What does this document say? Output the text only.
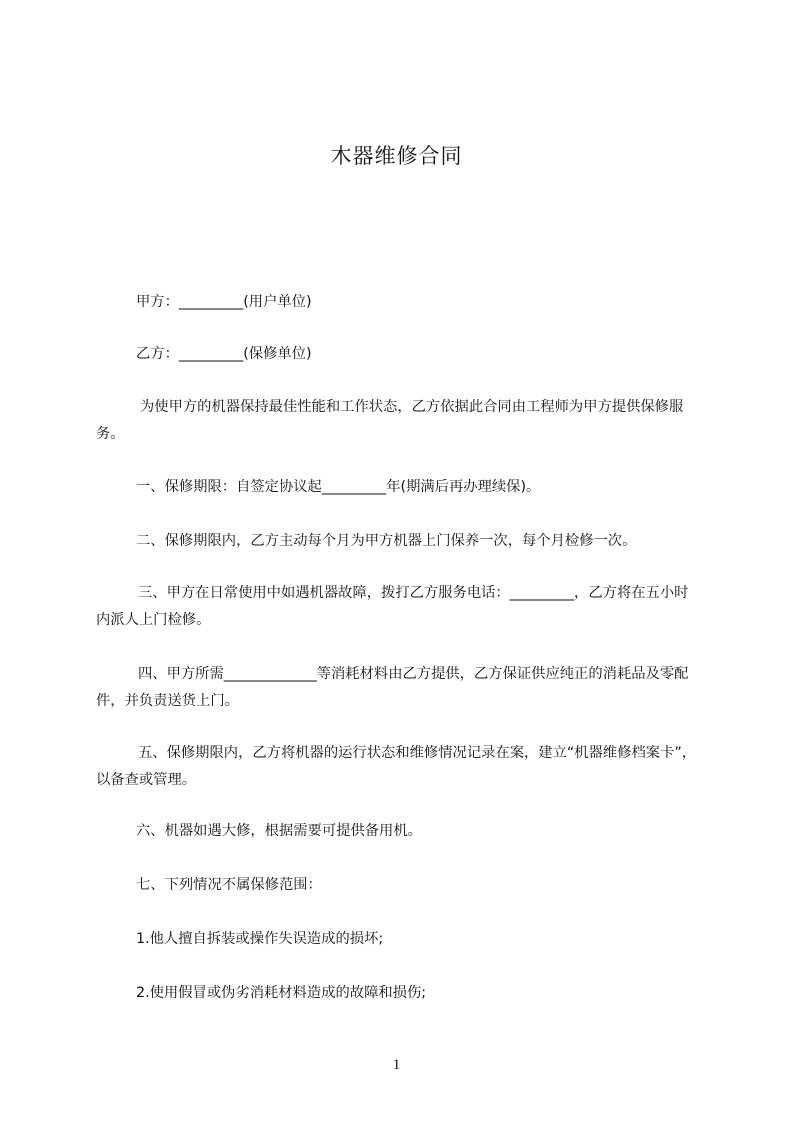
木器维修合同
甲方：_________(用户单位)
乙方：_________(保修单位)
为使甲方的机器保持最佳性能和工作状态，乙方依据此合同由工程师为甲方提供保修服务。
一、保修期限：自签定协议起_________年(期满后再办理续保)。
二、保修期限内，乙方主动每个月为甲方机器上门保养一次，每个月检修一次。
三、甲方在日常使用中如遇机器故障，拨打乙方服务电话：_________，乙方将在五小时内派人上门检修。
四、甲方所需_____________等消耗材料由乙方提供，乙方保证供应纯正的消耗品及零配件，并负责送货上门。
五、保修期限内，乙方将机器的运行状态和维修情况记录在案，建立“机器维修档案卡”，以备查或管理。
六、机器如遇大修，根据需要可提供备用机。
七、下列情况不属保修范围：
1.他人擅自拆装或操作失误造成的损坏;
2.使用假冒或伪劣消耗材料造成的故障和损伤;
1
